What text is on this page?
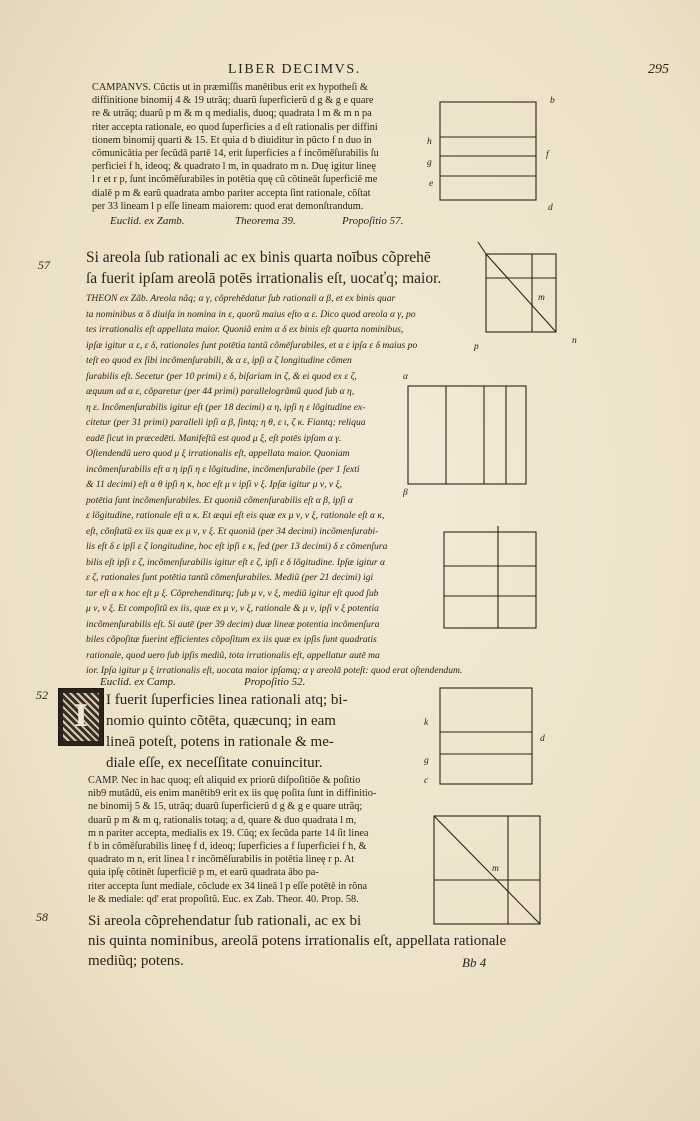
LIBER DECIMVS.	295

CAMPANVS. Cũctis ut in præmiſſis manētibus erit ex hypotheſi &

diffinitione binomij 4 & 19 utrãq; duarũ ſuperficierũ d g & g e quare

re & utrãq; duarũ p m & m q medialis, duoq; quadrata l m & m n pa

riter accepta rationale, eo quod ſuperficies a d eſt rationalis per diffini

tionem binomij quarti & 15. Et quia d b diuiditur in pũcto f n duo in

cõmunicātia per ſecũdā partē 14, erit ſuperficies a f incõmēſurabilis ſu

perficiei f h, ideoq; & quadrato l m, in quadrato m n. Duę igitur lineę

l r et r p, ſunt incõmēſurabiles in potētia quę cũ cõtineāt ſuperficiē me

dialē p m & earũ quadrata ambo pariter accepta ſint rationale, cõſtat

per 33 lineam l p eſſe lineam maiorem: quod erat demonſtrandum.

Euclid. ex Zamb.	Theorema 39.	Propoſitio 57.
57
52
58

Si areola ſub rationali ac ex binis quarta noībus cõprehē

ſa fuerit ipſam areolā potēs irrationalis eſt, uocaťq; maior.

THEON ex Zãb. Areola nãq; α γ, cõprehēdatur ſub rationali α β, et ex binis quar

ta nominibus α δ diuiſa in nomina in ε, quorũ maius eſto α ε. Dico quod areola α γ, po

tes irrationalis eſt appellata maior. Quoniã enim α δ ex binis eſt quarta nominibus,

ipſæ igitur α ε, ε δ, rationales ſunt potētia tantũ cõmēſurabiles, et α ε ipſa ε δ maius po

teſt eo quod ex ſibi incõmenſurabili, & α ε, ipſi α ζ longitudine cõmen

ſurabilis eſt. Secetur (per 10 primi) ε δ, biſariam in ζ, & ei quod ex ε ζ,

æquum ad α ε, cõparetur (per 44 primi) parallelogrãmũ quod ſub α η,

η ε. Incõmenſurabilis igitur eſt (per 18 decimi) α η, ipſi η ε lõgitudine ex-

citetur (per 31 primi) paralleli ipſi α β, ſintq; η θ, ε ι, ζ κ. Fiantq; reliqua

eadē ſicut in præcedēti. Manifeſtũ est quod μ ξ, eſt potēs ipſam α γ.

Oſtendendũ uero quod μ ξ irrationalis eſt, appellata maior. Quoniam

incõmenſurabilis eſt α η ipſi η ε lõgitudine, incõmenſurabile (per 1 ſexti

& 11 decimi) eſt α θ ipſi η κ, hoc eſt μ ν ipſi ν ξ. Ipſæ igitur μ ν, ν ξ,

potētia ſunt incõmenſurabiles. Et quoniã cõmenſurabilis eſt α β, ipſi α

ε lõgitudine, rationale eſt α κ. Et æqui eſt eis quæ ex μ ν, ν ξ, rationale eſt α κ,

eſt, cõnſtatũ ex iis quæ ex μ ν, ν ξ. Et quoniã (per 34 decimi) incõmenſurabi-

lis eſt δ ε ipſi ε ζ longitudine, hoc eſt ipſi ε κ, ſed (per 13 decimi) δ ε cõmenſura

bilis eſt ipſi ε ζ, incõmenſurabilis igitur eſt ε ζ, ipſi ε δ lõgitudine. Ipſæ igitur α

ε ζ, rationales ſunt potētia tantũ cõmenſurabiles. Mediũ (per 21 decimi) igi

tur eſt α κ hoc eſt μ ξ. Cõprehenditurq; ſub μ ν, ν ξ, mediũ igitur eſt quod ſub

μ ν, ν ξ. Et compoſitũ ex iis, quæ ex μ ν, ν ξ, rationale & μ ν, ipſi ν ξ potentia

incõmenſurabilis eſt. Si autē (per 39 decim) duæ lineæ potentia incõmenſura

biles cõpoſitæ fuerint efficientes cõpoſitum ex iis quæ ex ipſis ſunt quadratis

rationale, quod uero ſub ipſis mediũ, tota irrationalis eſt, appellatur autē ma

ior. Ipſa igitur μ ξ irrationalis eſt, uocata maior ipſamq; α γ areolā poteſt: quod erat oſtendendum.

Euclid. ex Camp.	Propoſitio 52.
I	I fuerit ſuperficies linea rationali atq; bi-

nomio quinto cõtēta, quæcunq; in eam

lineā poteſt, potens in rationale & me-

diale eſſe, ex neceſſitate conuincitur.

CAMP. Nec in hac quoq; eſt aliquid ex priorũ diſpoſitiōe & poſitio

nib9 mutãdũ, eis enim manētib9 erit ex iis quę poſita ſunt in diffinitio-

ne binomij 5 & 15, utrãq; duarũ ſuperficierũ d g & g e quare utrãq;

duarũ p m & m q, rationalis totaq; a d, quare & duo quadrata l m,

m n pariter accepta, medialis ex 19. Cũq; ex ſecũda parte 14 ſit linea

f b in cõmēſurabilis lineę f d, ideoq; ſuperficies a f ſuperficiei f h, &

quadrato m n, erit linea l r incõmēſurabilis in potētia lineę r p. At

quia ipſę cõtinēt ſuperficiē p m, et earũ quadrata ābo pa-

riter accepta ſunt mediale, cõclude ex 34 lineā l p eſſe potētē in rõna

le & mediale: qd' erat propoſitũ. Euc. ex Zab. Theor. 40. Prop. 58.

Si areola cõprehendatur ſub rationali, ac ex bi

nis quinta nominibus, areolā potens irrationalis eſt, appellata rationale

mediũq; potens.	Bb 4
b
h
f
g
e
d
m
n
p
α
β
k
d
g
c
m
